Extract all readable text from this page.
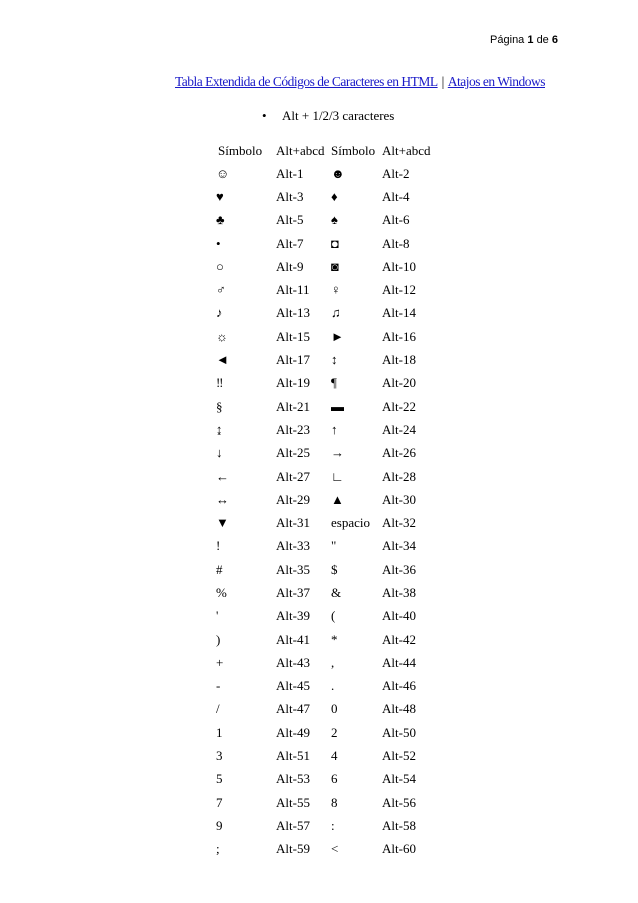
Página 1 de 6
Tabla Extendida de Códigos de Caracteres en HTML | Atajos en Windows
• Alt + 1/2/3 caracteres
Símbolo	Alt+abcd	Símbolo	Alt+abcd
☺	Alt-1	☻	Alt-2
♥	Alt-3	♦	Alt-4
♣	Alt-5	♠	Alt-6
•	Alt-7	◘	Alt-8
○	Alt-9	◙	Alt-10
♂	Alt-11	♀	Alt-12
♪	Alt-13	♫	Alt-14
☼	Alt-15	►	Alt-16
◄	Alt-17	↕	Alt-18
‼	Alt-19	¶	Alt-20
§	Alt-21	▬	Alt-22
↨	Alt-23	↑	Alt-24
↓	Alt-25	→	Alt-26
←	Alt-27	∟	Alt-28
↔	Alt-29	▲	Alt-30
▼	Alt-31	espacio	Alt-32
!	Alt-33	"	Alt-34
#	Alt-35	$	Alt-36
%	Alt-37	&	Alt-38
'	Alt-39	(	Alt-40
)	Alt-41	*	Alt-42
+	Alt-43	,	Alt-44
-	Alt-45	.	Alt-46
/	Alt-47	0	Alt-48
1	Alt-49	2	Alt-50
3	Alt-51	4	Alt-52
5	Alt-53	6	Alt-54
7	Alt-55	8	Alt-56
9	Alt-57	:	Alt-58
;	Alt-59	<	Alt-60
